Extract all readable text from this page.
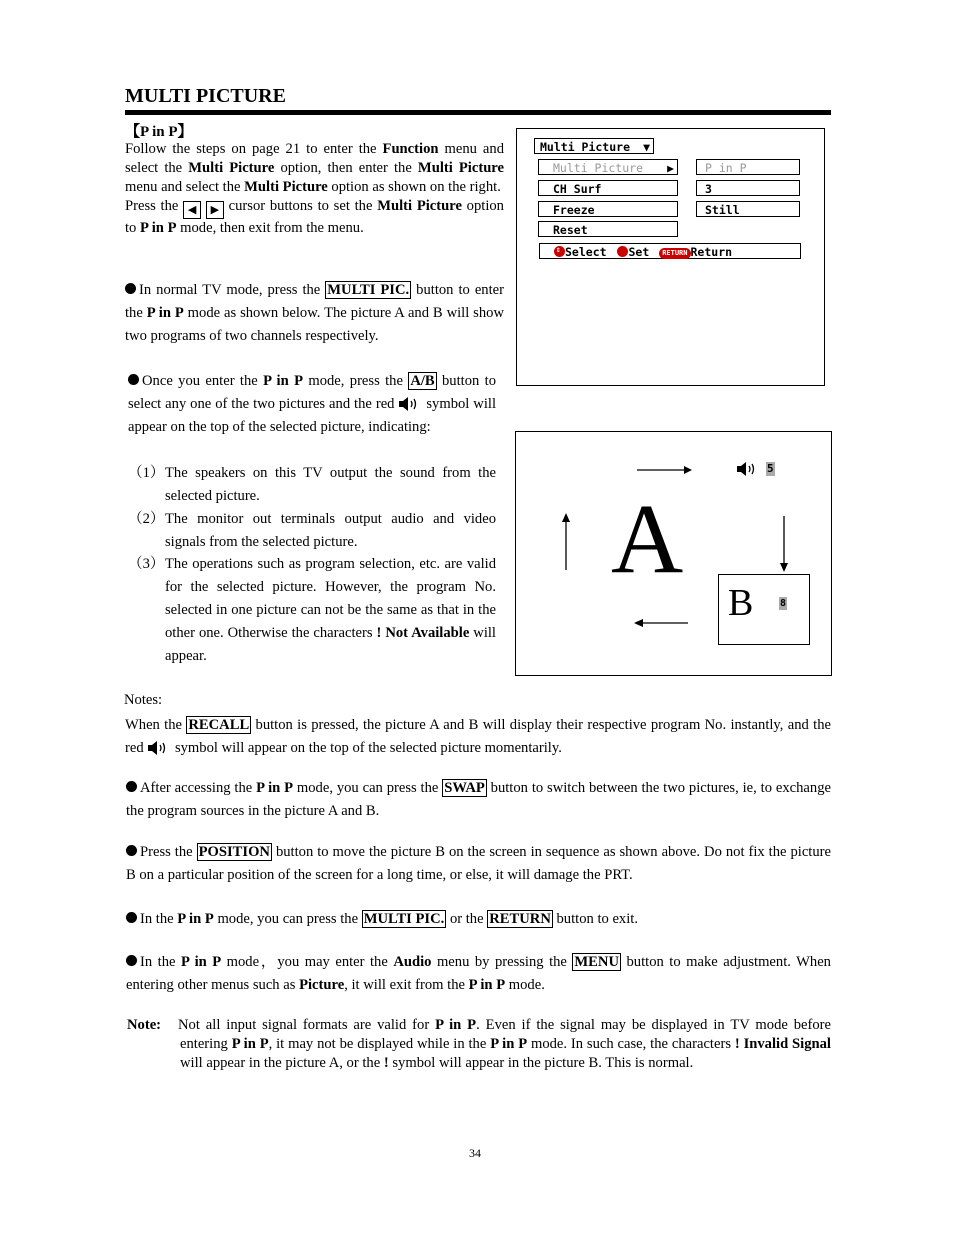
MULTI PICTURE
【P in P】

Follow the steps on page 21 to enter the Function menu and select the Multi Picture option, then enter the Multi Picture menu and select the Multi Picture option as shown on the right.

Press the ◀ ▶ cursor buttons to set the Multi Picture option to P in P mode, then exit from the menu.

Multi Picture ▼
Multi Picture ▶	P in P
CH Surf	3
Freeze	Still
Reset
⇕ Select Set RETURN Return
In normal TV mode, press the MULTI PIC. button to enter the P in P mode as shown below. The picture A and B will show two programs of two channels respectively.
Once you enter the P in P mode, press the A/B button to select any one of the two pictures and the red symbol will appear on the top of the selected picture, indicating:
（1） The speakers on this TV output the sound from the selected picture.
（2） The monitor out terminals output audio and video signals from the selected picture.
（3） The operations such as program selection, etc. are valid for the selected picture. However, the program No. selected in one picture can not be the same as that in the other one. Otherwise the characters ! Not Available will appear.
5
A
B	8
Notes:
When the RECALL button is pressed, the picture A and B will display their respective program No. instantly, and the red symbol will appear on the top of the selected picture momentarily.
After accessing the P in P mode, you can press the SWAP button to switch between the two pictures, ie, to exchange the program sources in the picture A and B.
Press the POSITION button to move the picture B on the screen in sequence as shown above. Do not fix the picture B on a particular position of the screen for a long time, or else, it will damage the PRT.
In the P in P mode, you can press the MULTI PIC. or the RETURN button to exit.
In the P in P mode，you may enter the Audio menu by pressing the MENU button to make adjustment. When entering other menus such as Picture, it will exit from the P in P mode.
Note: Not all input signal formats are valid for P in P. Even if the signal may be displayed in TV mode before entering P in P, it may not be displayed while in the P in P mode. In such case, the characters ! Invalid Signal will appear in the picture A, or the ! symbol will appear in the picture B. This is normal.
34
